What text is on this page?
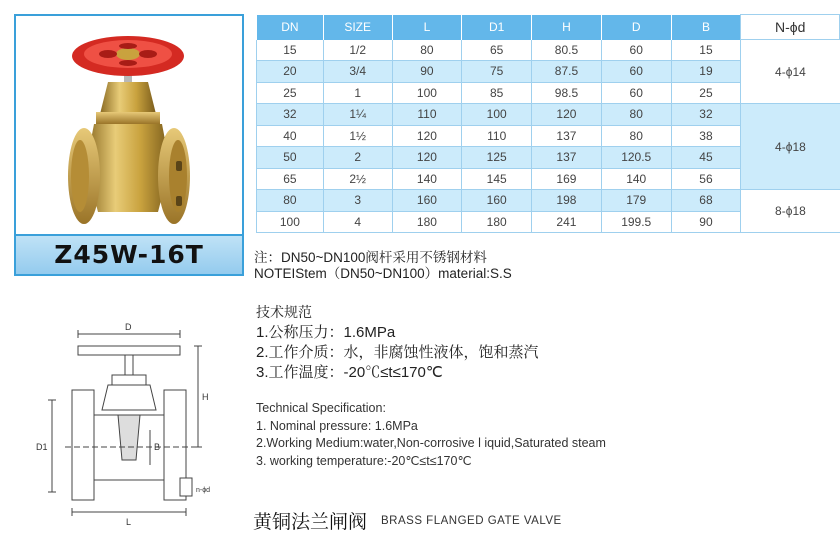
Z45W-16T
DN	SIZE	L	D1	H	D	B	N-ϕd
15	1/2	80	65	80.5	60	15	4-ϕ14
20	3/4	90	75	87.5	60	19	
25	1	100	85	98.5	60	25	
32	1¼	110	100	120	80	32	4-ϕ18
40	1½	120	110	137	80	38	
50	2	120	125	137	120.5	45	
65	2½	140	145	169	140	56	
80	3	160	160	198	179	68	8-ϕ18
100	4	180	180	241	199.5	90	
注：DN50~DN100阀杆采用不锈钢材料
NOTEIStem（DN50~DN100）material:S.S
技术规范
1.公称压力：1.6MPa
2.工作介质：水，非腐蚀性液体，饱和蒸汽
3.工作温度：-20℃≤t≤170℃
Technical Specification:
1. Nominal pressure: 1.6MPa
2.Working Medium:water,Non-corrosive l iquid,Saturated steam
3. working temperature:-20℃≤t≤170℃
D
H
D1	B
L
n-ϕd
黄铜法兰闸阀 BRASS FLANGED GATE VALVE
